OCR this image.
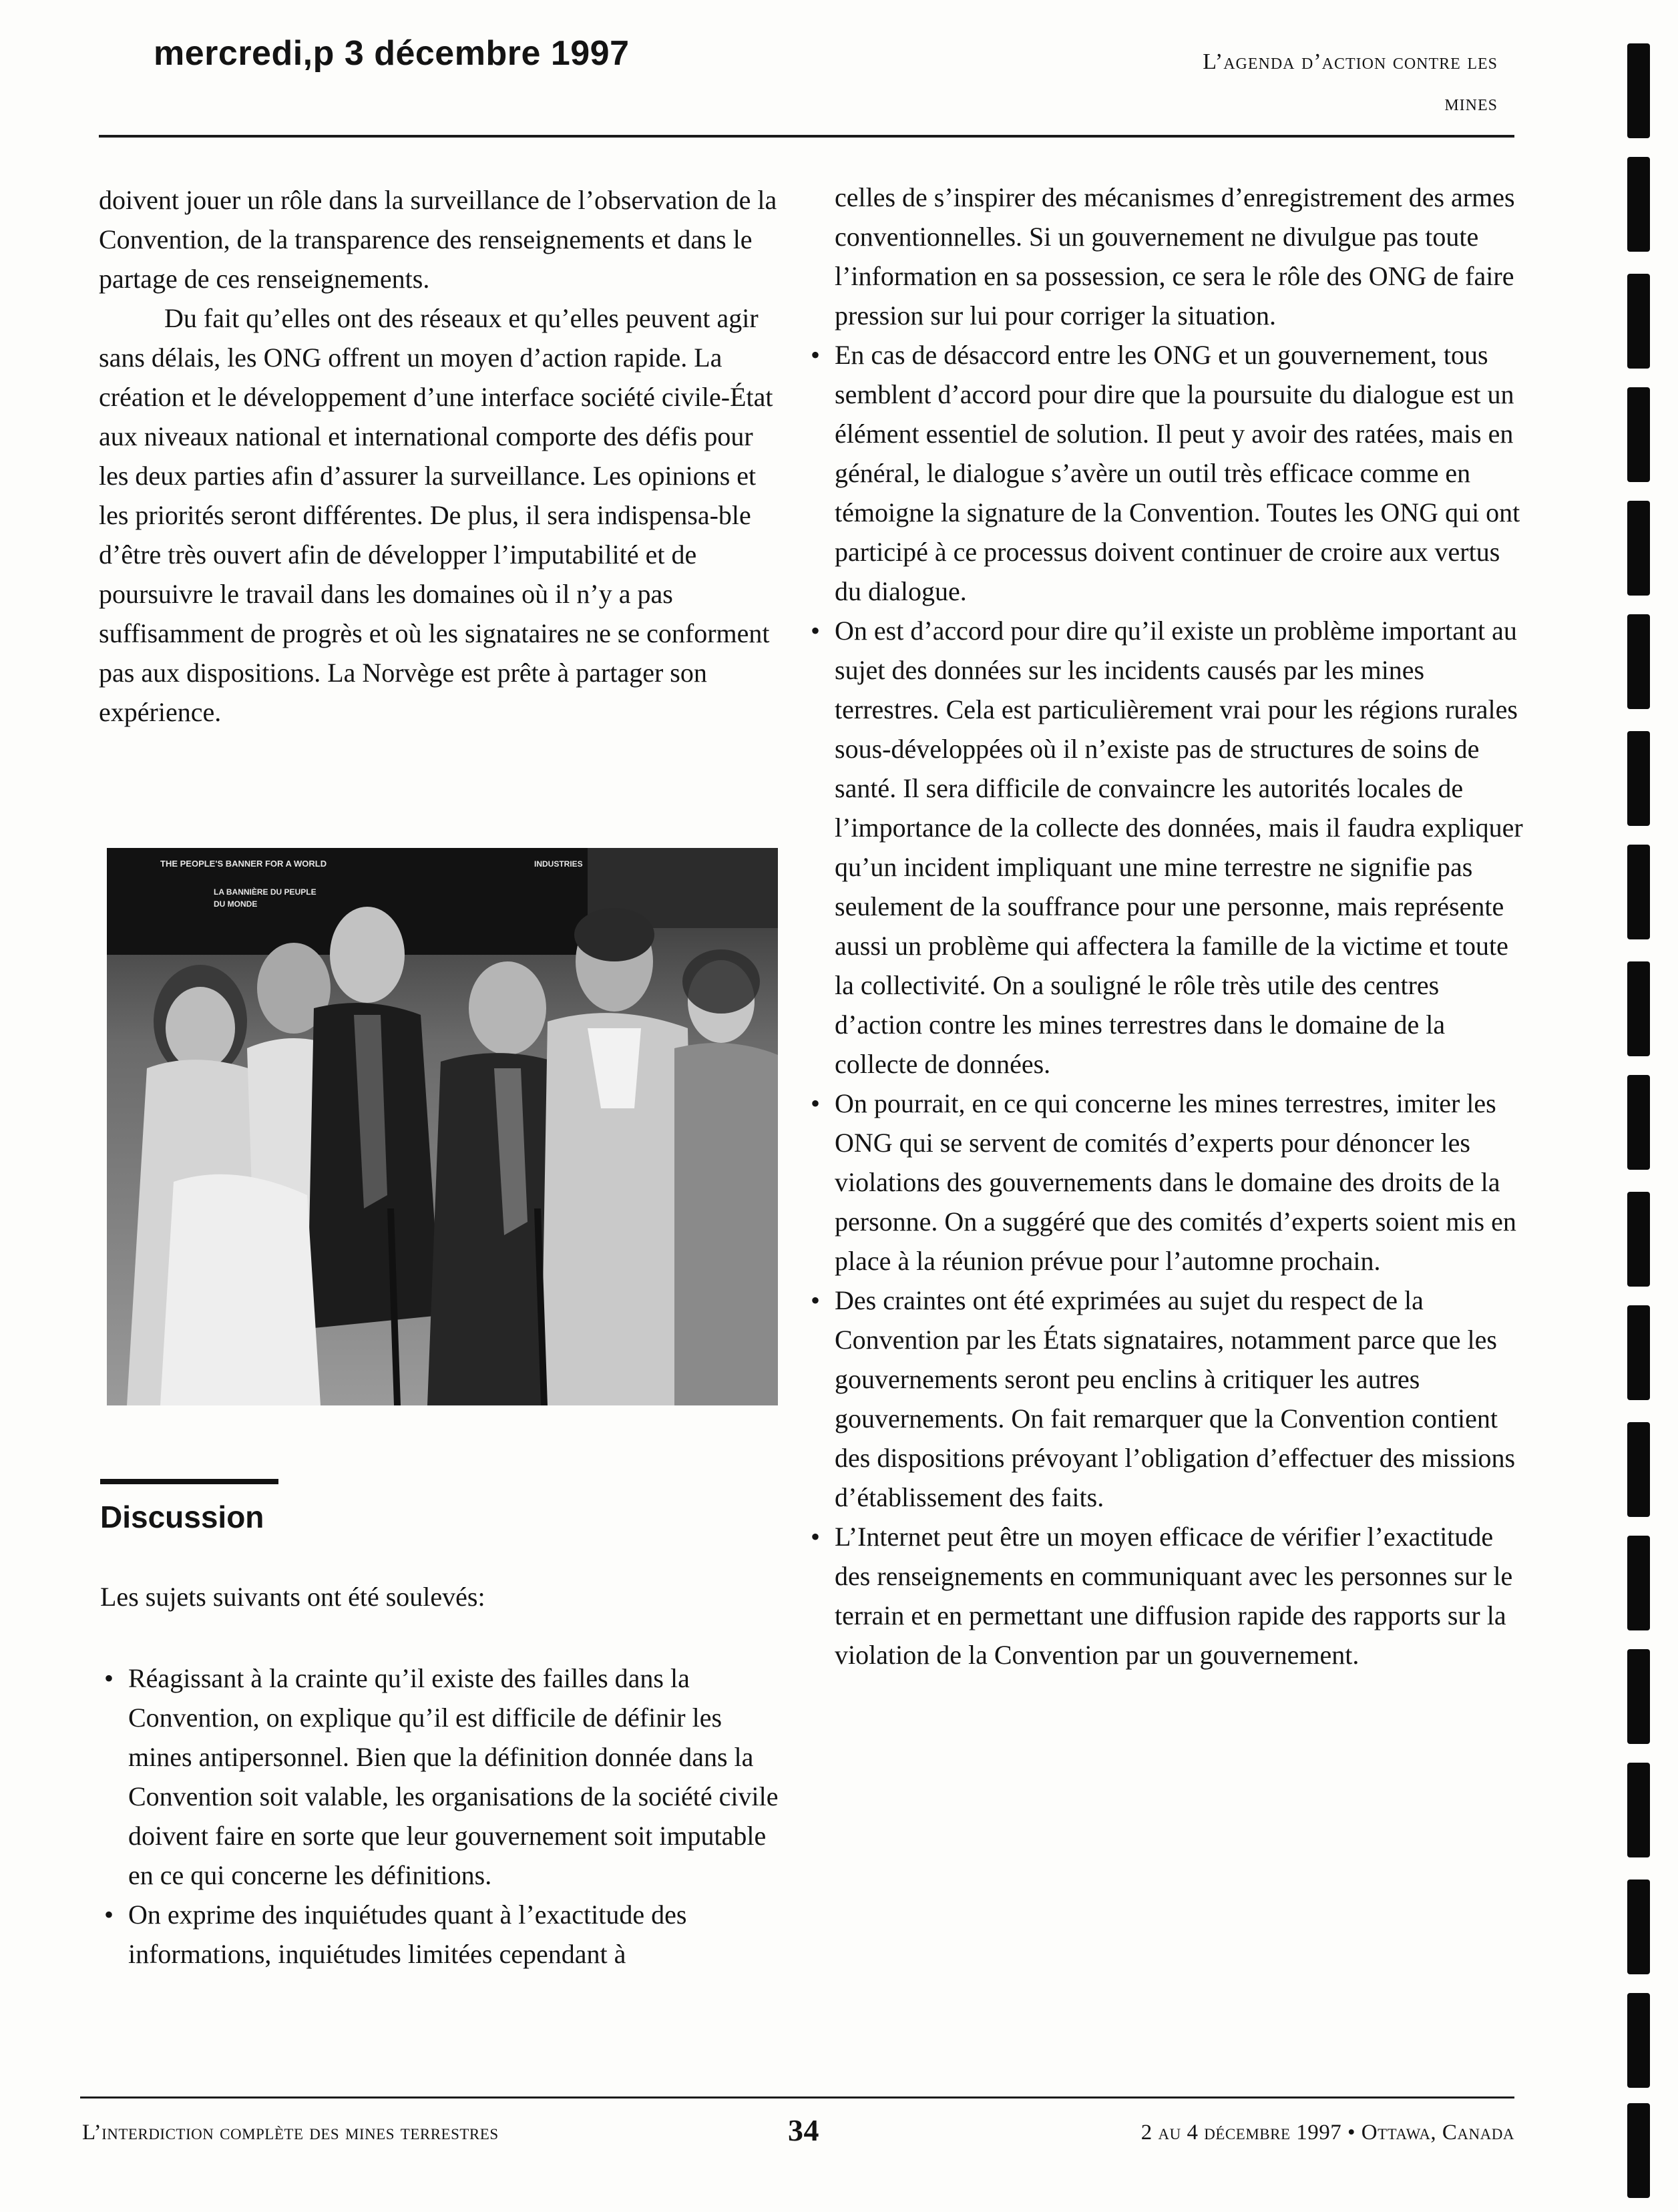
mercredi,p 3 décembre 1997	L’agenda d’action contre les
mines

doivent jouer un rôle dans la surveillance de l’observation de la Convention, de la transparence des renseignements et dans le partage de ces renseignements.

Du fait qu’elles ont des réseaux et qu’elles peuvent agir sans délais, les ONG offrent un moyen d’action rapide. La création et le développement d’une interface société civile-État aux niveaux national et international comporte des défis pour les deux parties afin d’assurer la surveillance. Les opinions et les priorités seront différentes. De plus, il sera indispensa-ble d’être très ouvert afin de développer l’imputabilité et de poursuivre le travail dans les domaines où il n’y a pas suffisamment de progrès et où les signataires ne se conforment pas aux dispositions. La Norvège est prête à partager son expérience.

THE PEOPLE'S BANNER FOR A WORLD
LA BANNIÈRE DU PEUPLE
DU MONDE
INDUSTRIES
Discussion
Les sujets suivants ont été soulevés:

• Réagissant à la crainte qu’il existe des failles dans la Convention, on explique qu’il est difficile de définir les mines antipersonnel. Bien que la définition donnée dans la Convention soit valable, les organisations de la société civile doivent faire en sorte que leur gouvernement soit imputable en ce qui concerne les définitions.

• On exprime des inquiétudes quant à l’exactitude des informations, inquiétudes limitées cependant à

celles de s’inspirer des mécanismes d’enregistrement des armes conventionnelles. Si un gouvernement ne divulgue pas toute l’information en sa possession, ce sera le rôle des ONG de faire pression sur lui pour corriger la situation.

• En cas de désaccord entre les ONG et un gouvernement, tous semblent d’accord pour dire que la poursuite du dialogue est un élément essentiel de solution. Il peut y avoir des ratées, mais en général, le dialogue s’avère un outil très efficace comme en témoigne la signature de la Convention. Toutes les ONG qui ont participé à ce processus doivent continuer de croire aux vertus du dialogue.

• On est d’accord pour dire qu’il existe un problème important au sujet des données sur les incidents causés par les mines terrestres. Cela est particulièrement vrai pour les régions rurales sous-développées où il n’existe pas de structures de soins de santé. Il sera difficile de convaincre les autorités locales de l’importance de la collecte des données, mais il faudra expliquer qu’un incident impliquant une mine terrestre ne signifie pas seulement de la souffrance pour une personne, mais représente aussi un problème qui affectera la famille de la victime et toute la collectivité. On a souligné le rôle très utile des centres d’action contre les mines terrestres dans le domaine de la collecte de données.

• On pourrait, en ce qui concerne les mines terrestres, imiter les ONG qui se servent de comités d’experts pour dénoncer les violations des gouvernements dans le domaine des droits de la personne. On a suggéré que des comités d’experts soient mis en place à la réunion prévue pour l’automne prochain.

• Des craintes ont été exprimées au sujet du respect de la Convention par les États signataires, notamment parce que les gouvernements seront peu enclins à critiquer les autres gouvernements. On fait remarquer que la Convention contient des dispositions prévoyant l’obligation d’effectuer des missions d’établissement des faits.

• L’Internet peut être un moyen efficace de vérifier l’exactitude des renseignements en communiquant avec les personnes sur le terrain et en permettant une diffusion rapide des rapports sur la violation de la Convention par un gouvernement.

L’interdiction complète des mines terrestres	34	2 au 4 décembre 1997 • Ottawa, Canada
